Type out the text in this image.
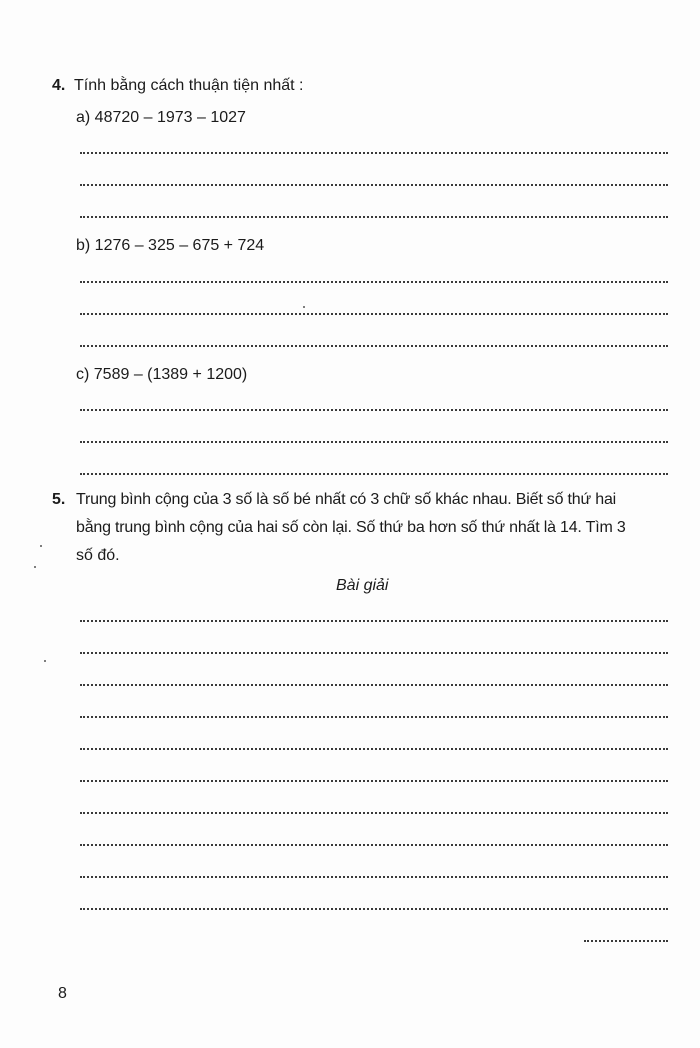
4. Tính bằng cách thuận tiện nhất :
a) 48720 – 1973 – 1027
b) 1276 – 325 – 675 + 724
c) 7589 – (1389 + 1200)
5. Trung bình cộng của 3 số là số bé nhất có 3 chữ số khác nhau. Biết số thứ hai
bằng trung bình cộng của hai số còn lại. Số thứ ba hơn số thứ nhất là 14. Tìm 3
số đó.
Bài giải
8
